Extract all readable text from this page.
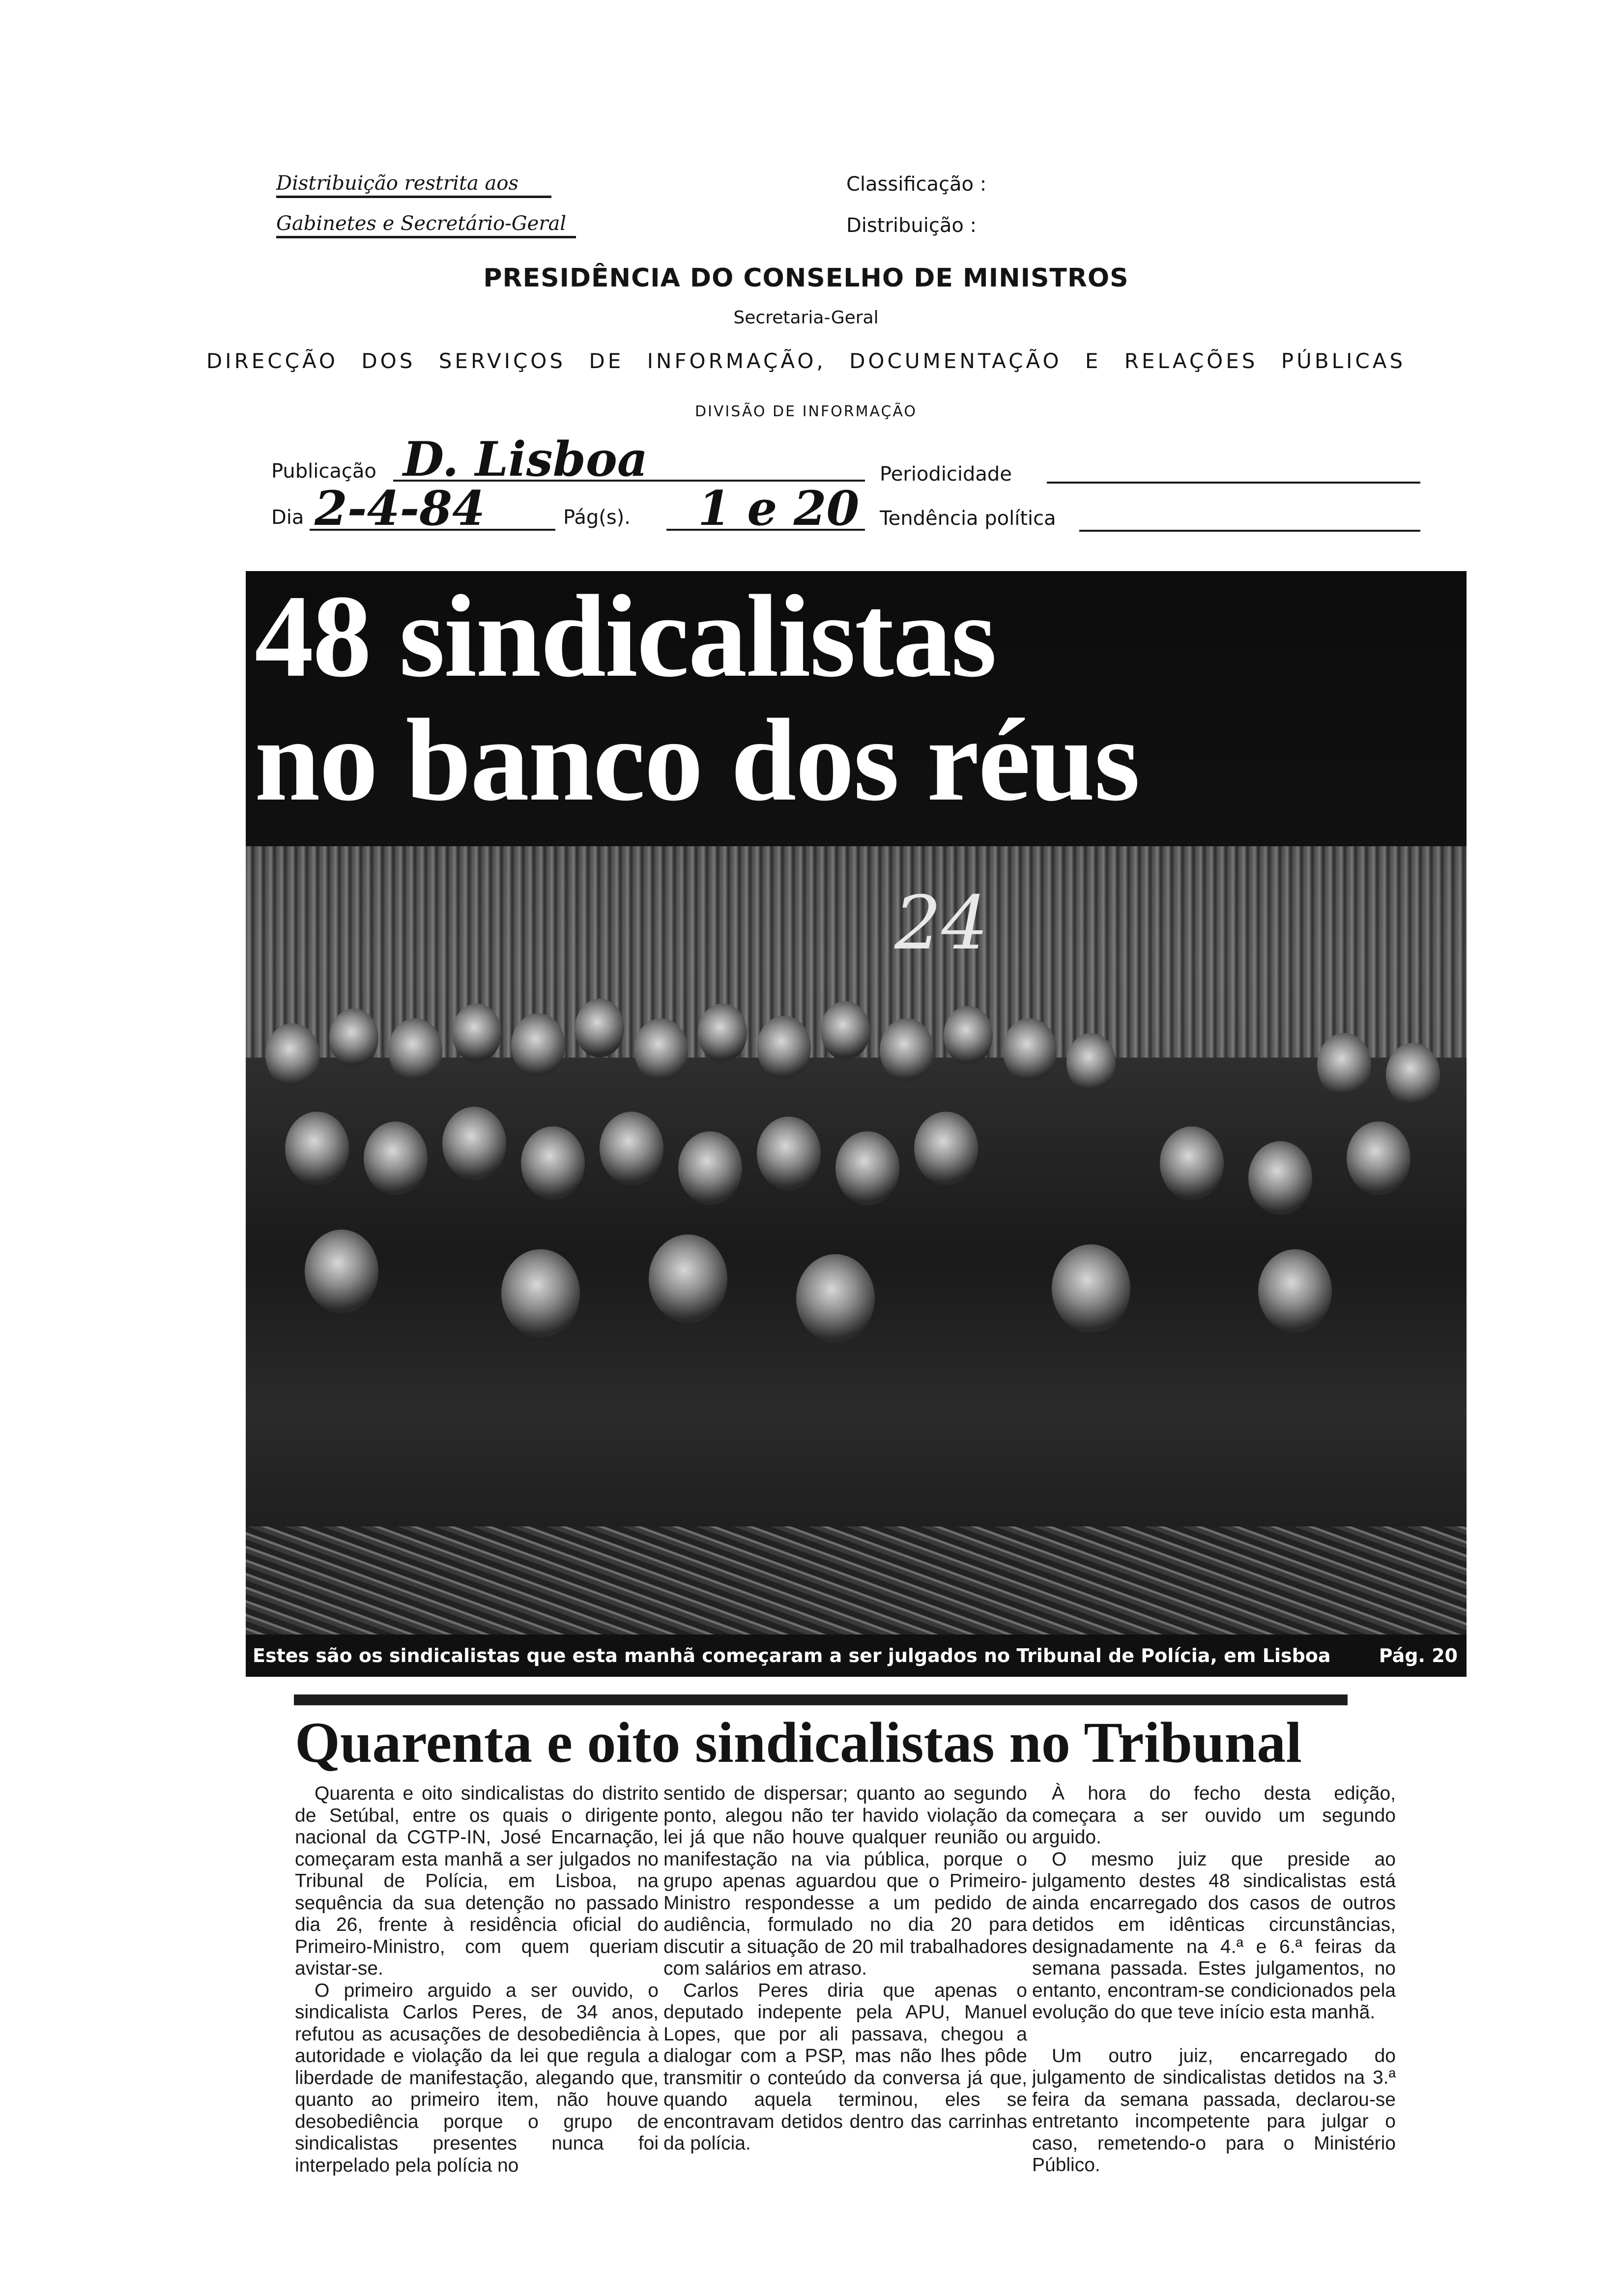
Distribuição restrita aos
Gabinetes e Secretário-Geral
Classificação :
Distribuição :
PRESIDÊNCIA DO CONSELHO DE MINISTROS
Secretaria-Geral
DIRECÇÃO DOS SERVIÇOS DE INFORMAÇÃO, DOCUMENTAÇÃO E RELAÇÕES PÚBLICAS
DIVISÃO DE INFORMAÇÃO
Publicação D. Lisboa	Periodicidade
Dia 2-4-84	Pág(s). 1 e 20 Tendência política
48 sindicalistas
no banco dos réus
24
Estes são os sindicalistas que esta manhã começaram a ser julgados no Tribunal de Polícia, em Lisboa	Pág. 20
Quarenta e oito sindicalistas no Tribunal

Quarenta e oito sindicalistas do distrito de Setúbal, entre os quais o dirigente nacional da CGTP-IN, José Encarnação, começaram esta manhã a ser julgados no Tribunal de Polícia, em Lisboa, na sequência da sua detenção no passado dia 26, frente à residência oficial do Primeiro-Ministro, com quem queriam avistar-se.

O primeiro arguido a ser ouvido, o sindicalista Carlos Peres, de 34 anos, refutou as acusações de desobediência à autoridade e violação da lei que regula a liberdade de manifestação, alegando que, quanto ao primeiro item, não houve desobediência porque o grupo de sindicalistas presentes nunca foi interpelado pela polícia no

sentido de dispersar; quanto ao segundo ponto, alegou não ter havido violação da lei já que não houve qualquer reunião ou manifestação na via pública, porque o grupo apenas aguardou que o Primeiro-Ministro respondesse a um pedido de audiência, formulado no dia 20 para discutir a situação de 20 mil trabalhadores com salários em atraso.

Carlos Peres diria que apenas o deputado indepente pela APU, Manuel Lopes, que por ali passava, chegou a dialogar com a PSP, mas não lhes pôde transmitir o conteúdo da conversa já que, quando aquela terminou, eles se encontravam detidos dentro das carrinhas da polícia.

À hora do fecho desta edição, começara a ser ouvido um segundo arguido.

O mesmo juiz que preside ao julgamento destes 48 sindicalistas está ainda encarregado dos casos de outros detidos em idênticas circunstâncias, designadamente na 4.ª e 6.ª feiras da semana passada. Estes julgamentos, no entanto, encontram-se condicionados pela evolução do que teve início esta manhã.

Um outro juiz, encarregado do julgamento de sindicalistas detidos na 3.ª feira da semana passada, declarou-se entretanto incompetente para julgar o caso, remetendo-o para o Ministério Público.
